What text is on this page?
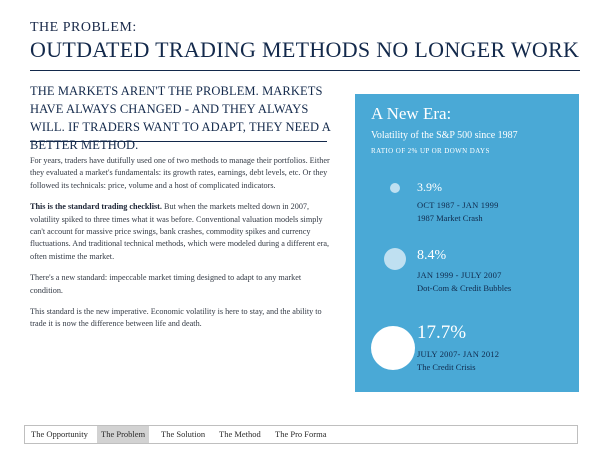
THE PROBLEM:
OUTDATED TRADING METHODS NO LONGER WORK
THE MARKETS AREN'T THE PROBLEM. MARKETS HAVE ALWAYS CHANGED - AND THEY ALWAYS WILL. IF TRADERS WANT TO ADAPT, THEY NEED A BETTER METHOD.

For years, traders have dutifully used one of two methods to manage their portfolios. Either they evaluated a market's fundamentals: its growth rates, earnings, debt levels, etc. Or they followed its technicals: price, volume and a host of complicated indicators.

This is the standard trading checklist. But when the markets melted down in 2007, volatility spiked to three times what it was before. Conventional valuation models simply can't account for massive price swings, bank crashes, commodity spikes and currency fluctuations. And traditional technical methods, which were modeled during a different era, often mistime the market.

There's a new standard: impeccable market timing designed to adapt to any market condition.

This standard is the new imperative. Economic volatility is here to stay, and the ability to trade it is now the difference between life and death.

A New Era:
Volatility of the S&P 500 since 1987
RATIO OF 2% UP OR DOWN DAYS
3.9%
OCT 1987 - JAN 1999
1987 Market Crash
8.4%
JAN 1999 - JULY 2007
Dot-Com & Credit Bubbles
17.7%
JULY 2007- JAN 2012
The Credit Crisis
The Opportunity	The Problem	The Solution	The Method	The Pro Forma
